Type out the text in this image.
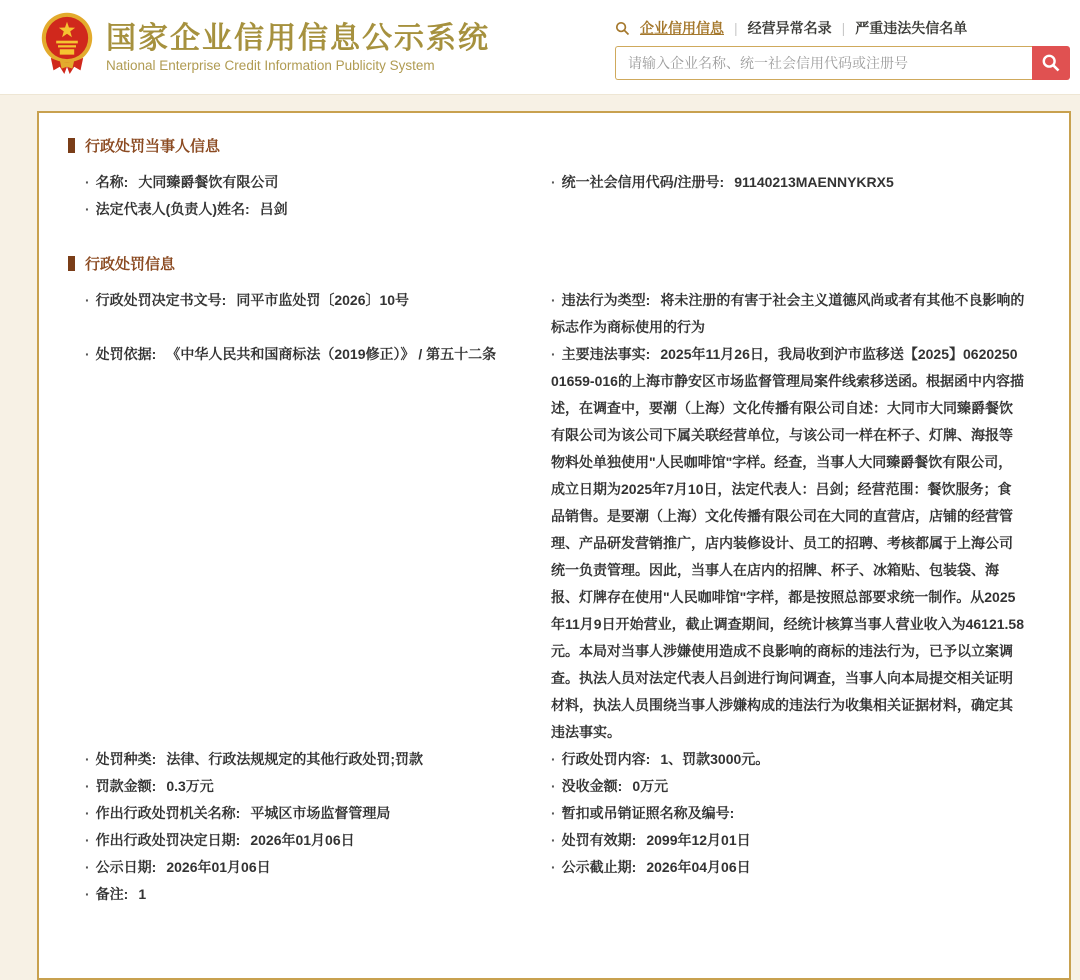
国家企业信用信息公示系统
National Enterprise Credit Information Publicity System
企业信用信息 | 经营异常名录 | 严重违法失信名单
请输入企业名称、统一社会信用代码或注册号
行政处罚当事人信息
· 名称: 大同臻爵餐饮有限公司	· 统一社会信用代码/注册号: 91140213MAENNYKRX5
· 法定代表人(负责人)姓名: 吕剑
行政处罚信息
· 行政处罚决定书文号: 同平市监处罚〔2026〕10号	· 违法行为类型: 将未注册的有害于社会主义道德风尚或者有其他不良影响的标志作为商标使用的行为
· 处罚依据: 《中华人民共和国商标法（2019修正）》 / 第五十二条	· 主要违法事实: 2025年11月26日，我局收到沪市监移送【2025】062025001659-016的上海市静安区市场监督管理局案件线索移送函。根据函中内容描述，在调查中，要潮（上海）文化传播有限公司自述：大同市大同臻爵餐饮有限公司为该公司下属关联经营单位，与该公司一样在杯子、灯牌、海报等物料处单独使用"人民咖啡馆"字样。经查，当事人大同臻爵餐饮有限公司，成立日期为2025年7月10日，法定代表人：吕剑；经营范围：餐饮服务；食品销售。是要潮（上海）文化传播有限公司在大同的直营店，店铺的经营管理、产品研发营销推广，店内装修设计、员工的招聘、考核都属于上海公司统一负责管理。因此，当事人在店内的招牌、杯子、冰箱贴、包装袋、海报、灯牌存在使用"人民咖啡馆"字样，都是按照总部要求统一制作。从2025年11月9日开始营业，截止调查期间，经统计核算当事人营业收入为46121.58元。本局对当事人涉嫌使用造成不良影响的商标的违法行为，已予以立案调查。执法人员对法定代表人吕剑进行询问调查，当事人向本局提交相关证明材料，执法人员围绕当事人涉嫌构成的违法行为收集相关证据材料，确定其违法事实。
· 处罚种类: 法律、行政法规规定的其他行政处罚;罚款	· 行政处罚内容: 1、罚款3000元。
· 罚款金额: 0.3万元	· 没收金额: 0万元
· 作出行政处罚机关名称: 平城区市场监督管理局	· 暂扣或吊销证照名称及编号:
· 作出行政处罚决定日期: 2026年01月06日	· 处罚有效期: 2099年12月01日
· 公示日期: 2026年01月06日	· 公示截止期: 2026年04月06日
· 备注: 1
